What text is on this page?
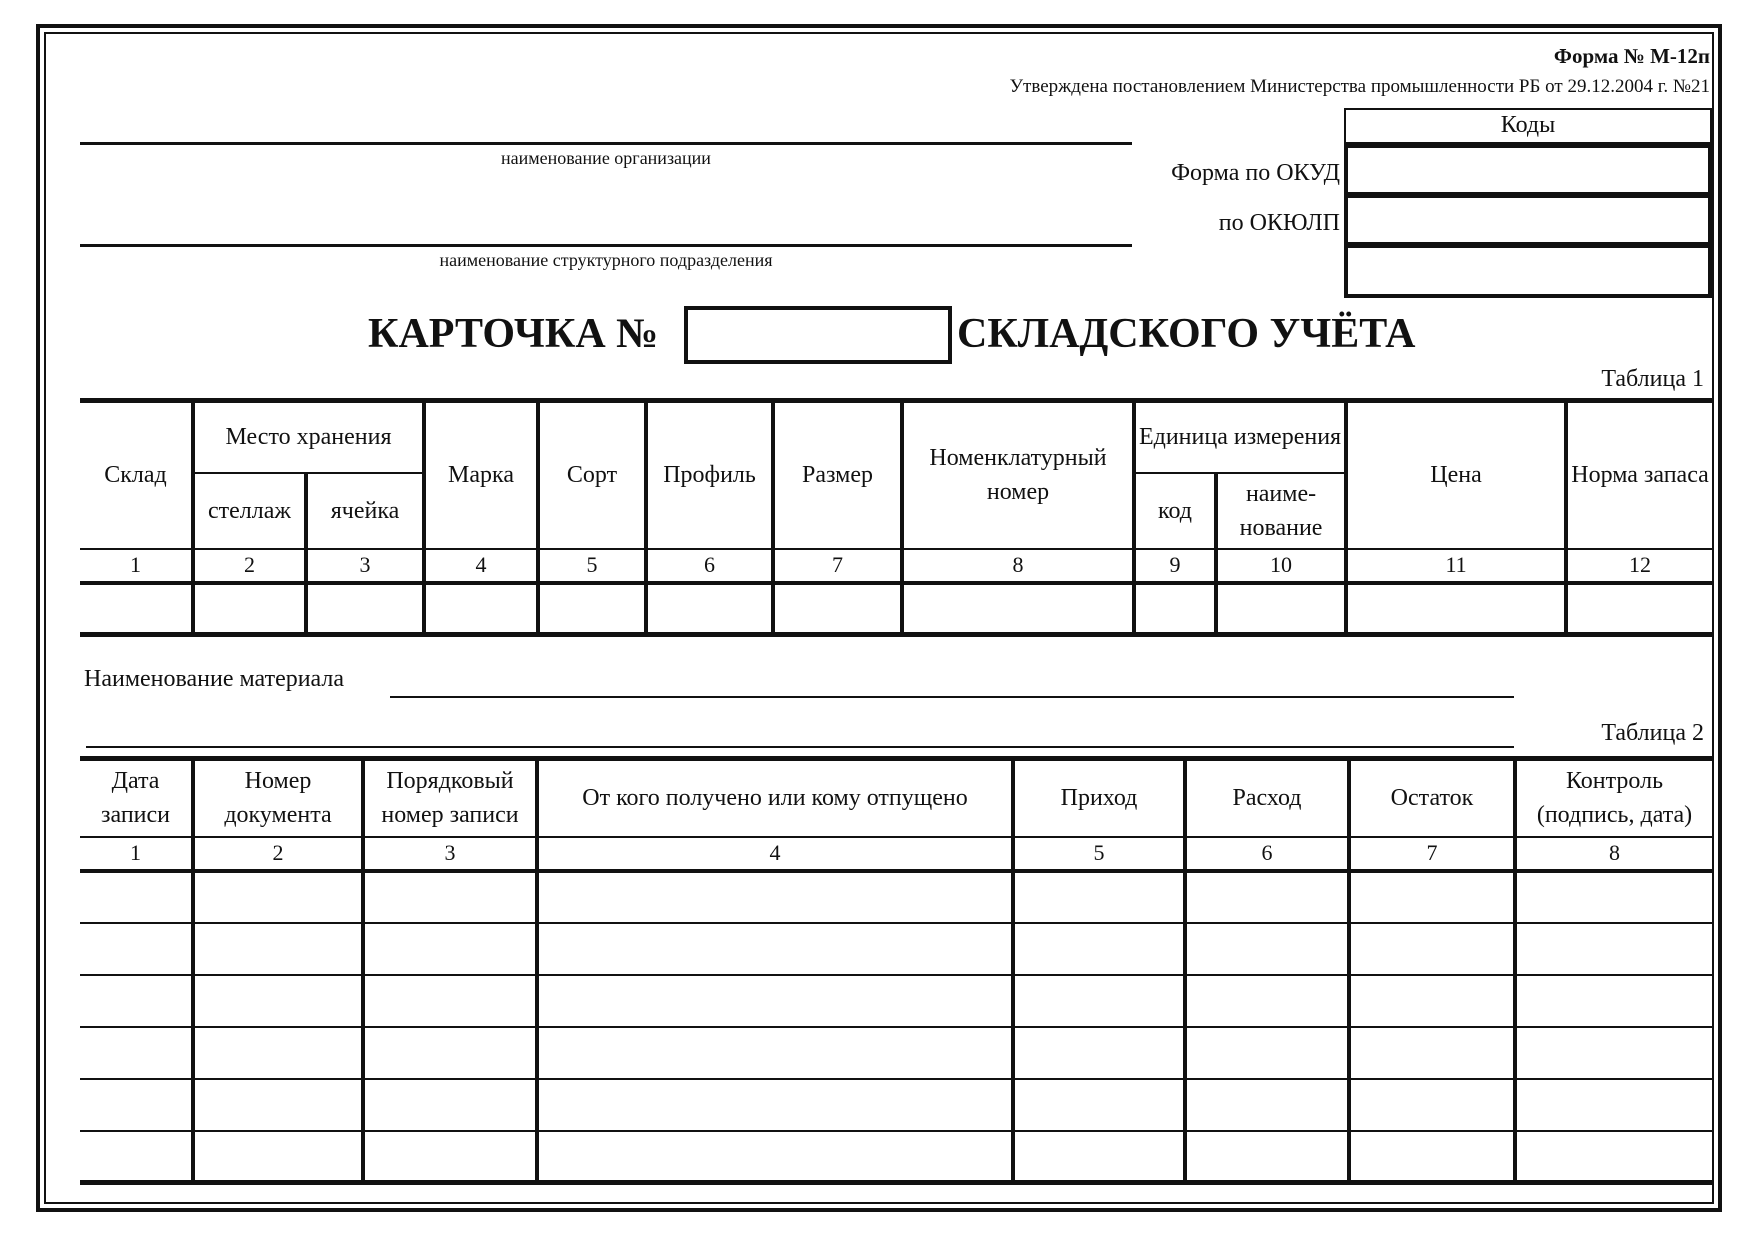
Форма № М-12п
Утверждена постановлением Министерства промышленности РБ от 29.12.2004 г. №21
наименование организации
наименование структурного подразделения
Коды
Форма по ОКУД
по ОКЮЛП
КАРТОЧКА №	СКЛАДСКОГО УЧЁТА
Таблица 1
Склад	Место хранения		Марка	Сорт	Профиль	Размер	Номенклатурный номер	Единица измерения		Цена	Норма запаса
	стеллаж	ячейка						код	наиме- нование		
1	2	3	4	5	6	7	8	9	10	11	12

Наименование материала
Таблица 2
Дата записи	Номер документа	Порядковый номер записи	От кого получено или кому отпущено	Приход	Расход	Остаток	Контроль (подпись, дата)
1	2	3	4	5	6	7	8
